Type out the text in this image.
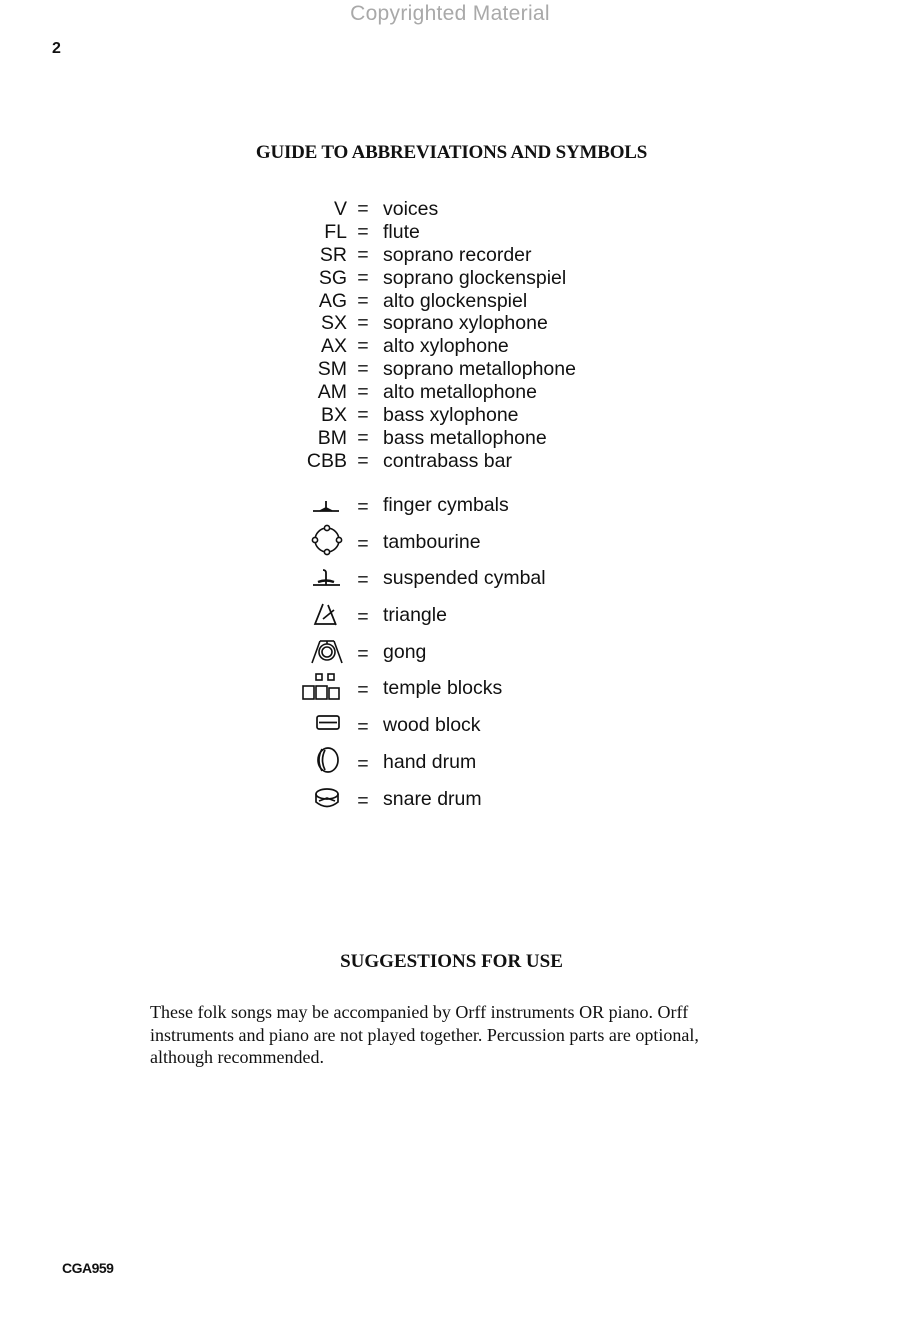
Copyrighted Material
2
GUIDE TO ABBREVIATIONS AND SYMBOLS
V = voices
FL = flute
SR = soprano recorder
SG = soprano glockenspiel
AG = alto glockenspiel
SX = soprano xylophone
AX = alto xylophone
SM = soprano metallophone
AM = alto metallophone
BX = bass xylophone
BM = bass metallophone
CBB = contrabass bar
= finger cymbals
= tambourine
= suspended cymbal
= triangle
= gong
= temple blocks
= wood block
= hand drum
= snare drum
SUGGESTIONS FOR USE
These folk songs may be accompanied by Orff instruments OR piano. Orff
instruments and piano are not played together. Percussion parts are optional,
although recommended.
CGA959
